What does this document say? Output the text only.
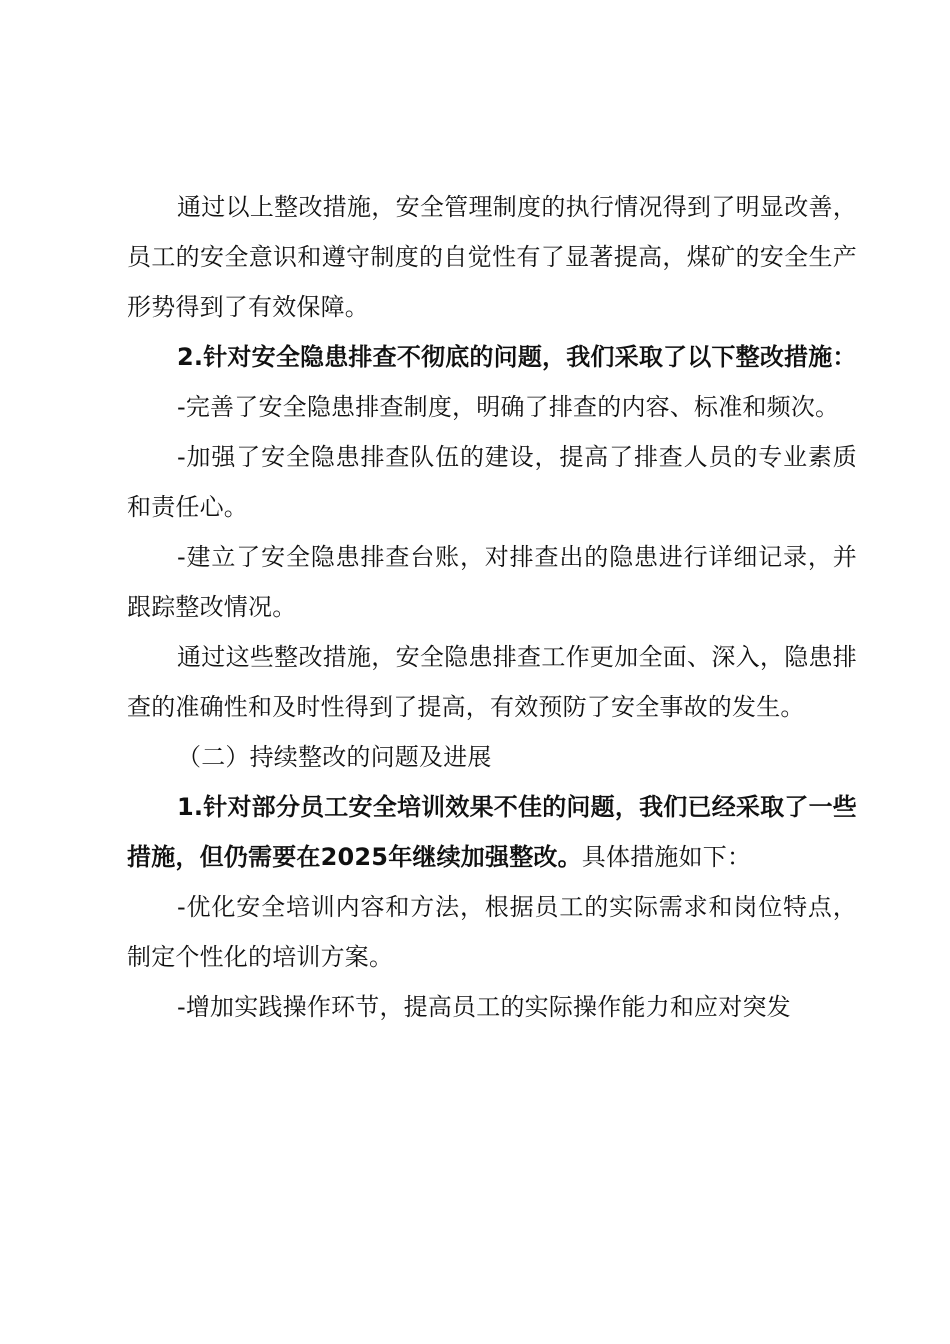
通过以上整改措施，安全管理制度的执行情况得到了明显改善，员工的安全意识和遵守制度的自觉性有了显著提高，煤矿的安全生产形势得到了有效保障。

2.针对安全隐患排查不彻底的问题，我们采取了以下整改措施：

-完善了安全隐患排查制度，明确了排查的内容、标准和频次。

-加强了安全隐患排查队伍的建设，提高了排查人员的专业素质和责任心。

-建立了安全隐患排查台账，对排查出的隐患进行详细记录，并跟踪整改情况。

通过这些整改措施，安全隐患排查工作更加全面、深入，隐患排查的准确性和及时性得到了提高，有效预防了安全事故的发生。

（二）持续整改的问题及进展

1.针对部分员工安全培训效果不佳的问题，我们已经采取了一些措施，但仍需要在2025年继续加强整改。具体措施如下：

-优化安全培训内容和方法，根据员工的实际需求和岗位特点，制定个性化的培训方案。

-增加实践操作环节，提高员工的实际操作能力和应对突发
